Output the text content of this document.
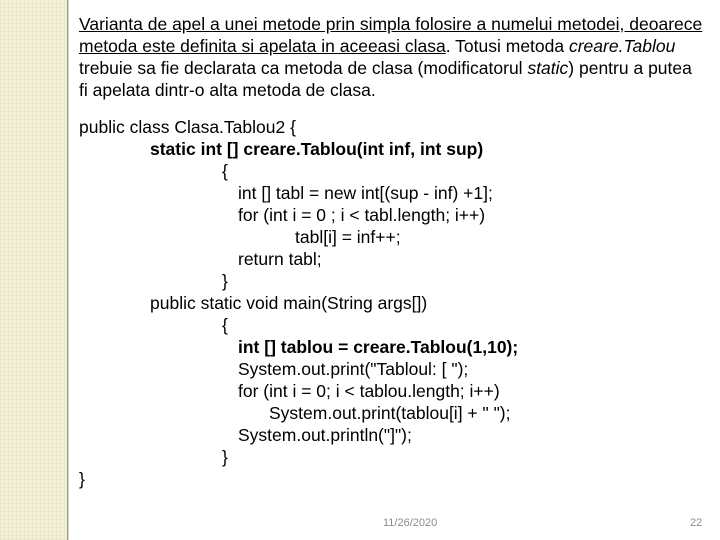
Varianta de apel a unei metode prin simpla folosire a numelui metodei, deoarece metoda este definita si apelata in aceeasi clasa. Totusi metoda creare.Tablou trebuie sa fie declarata ca metoda de clasa (modificatorul static) pentru a putea fi apelata dintr-o alta metoda de clasa.
public class Clasa.Tablou2 {
static int [] creare.Tablou(int inf, int sup)
{
int [] tabl = new int[(sup - inf) +1];
for (int i = 0 ; i < tabl.length; i++)
tabl[i] = inf++;
return tabl;
}
public static void main(String args[])
{
int [] tablou = creare.Tablou(1,10);
System.out.print("Tabloul: [ ");
for (int i = 0; i < tablou.length; i++)
System.out.print(tablou[i] + " ");
System.out.println("]");
}
}
11/26/2020	22
